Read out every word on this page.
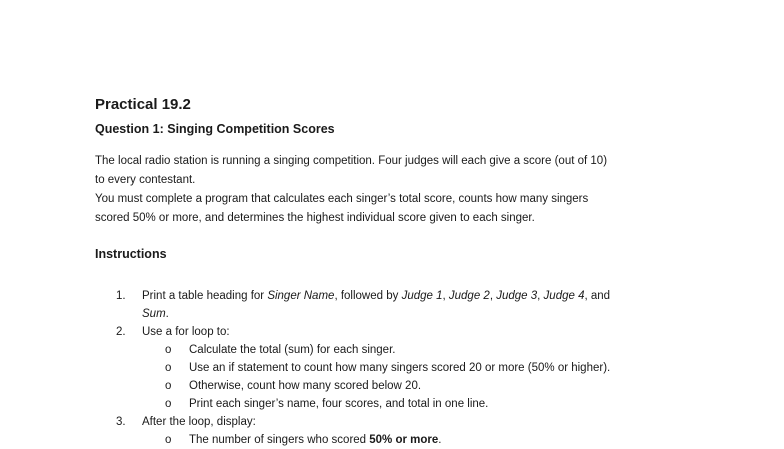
Practical 19.2
Question 1: Singing Competition Scores

The local radio station is running a singing competition. Four judges will each give a score (out of 10)

to every contestant.

You must complete a program that calculates each singer’s total score, counts how many singers

scored 50% or more, and determines the highest individual score given to each singer.

Instructions
1. Print a table heading for Singer Name, followed by Judge 1, Judge 2, Judge 3, Judge 4, and
Sum.
2. Use a for loop to:
o Calculate the total (sum) for each singer.
o Use an if statement to count how many singers scored 20 or more (50% or higher).
o Otherwise, count how many scored below 20.
o Print each singer’s name, four scores, and total in one line.
3. After the loop, display:
o The number of singers who scored 50% or more.
